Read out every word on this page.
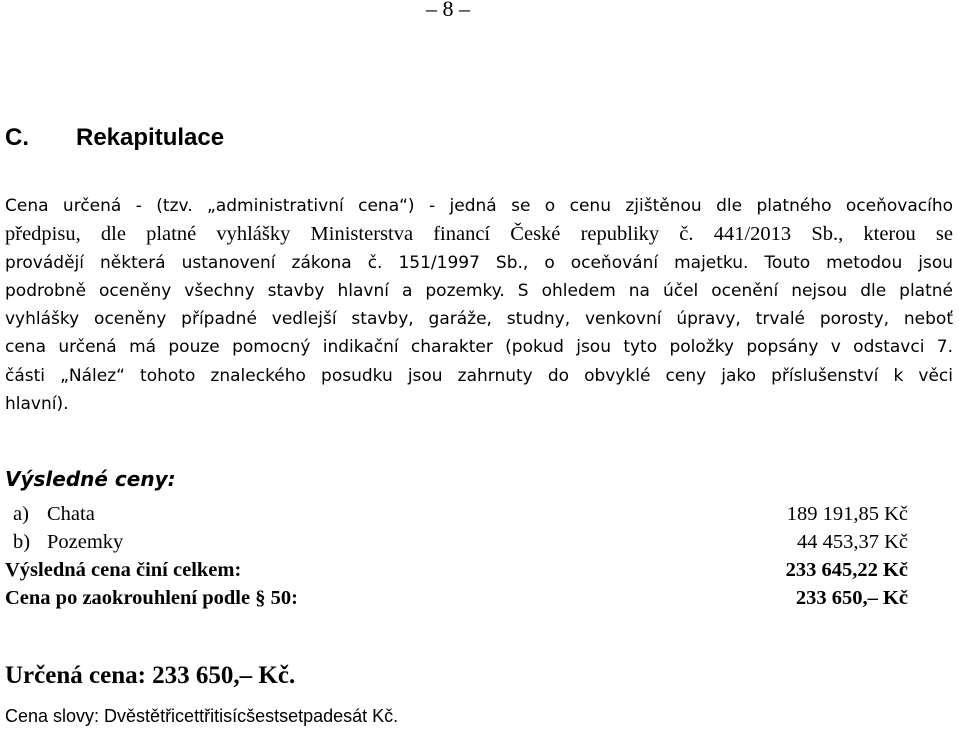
– 8 –
C. Rekapitulace
Cena určená - (tzv. „administrativní cena“) - jedná se o cenu zjištěnou dle platného oceňovacího
předpisu, dle platné vyhlášky Ministerstva financí České republiky č. 441/2013 Sb., kterou se
provádějí některá ustanovení zákona č. 151/1997 Sb., o oceňování majetku. Touto metodou jsou
podrobně oceněny všechny stavby hlavní a pozemky. S ohledem na účel ocenění nejsou dle platné
vyhlášky oceněny případné vedlejší stavby, garáže, studny, venkovní úpravy, trvalé porosty, neboť
cena určená má pouze pomocný indikační charakter (pokud jsou tyto položky popsány v odstavci 7.
části „Nález“ tohoto znaleckého posudku jsou zahrnuty do obvyklé ceny jako příslušenství k věci
hlavní).
Výsledné ceny:
a) Chata	189 191,85 Kč
b) Pozemky	44 453,37 Kč
Výsledná cena činí celkem:	233 645,22 Kč
Cena po zaokrouhlení podle § 50:	233 650,– Kč
Určená cena: 233 650,– Kč.
Cena slovy: Dvěstětřicettřitisícšestsetpadesát Kč.
